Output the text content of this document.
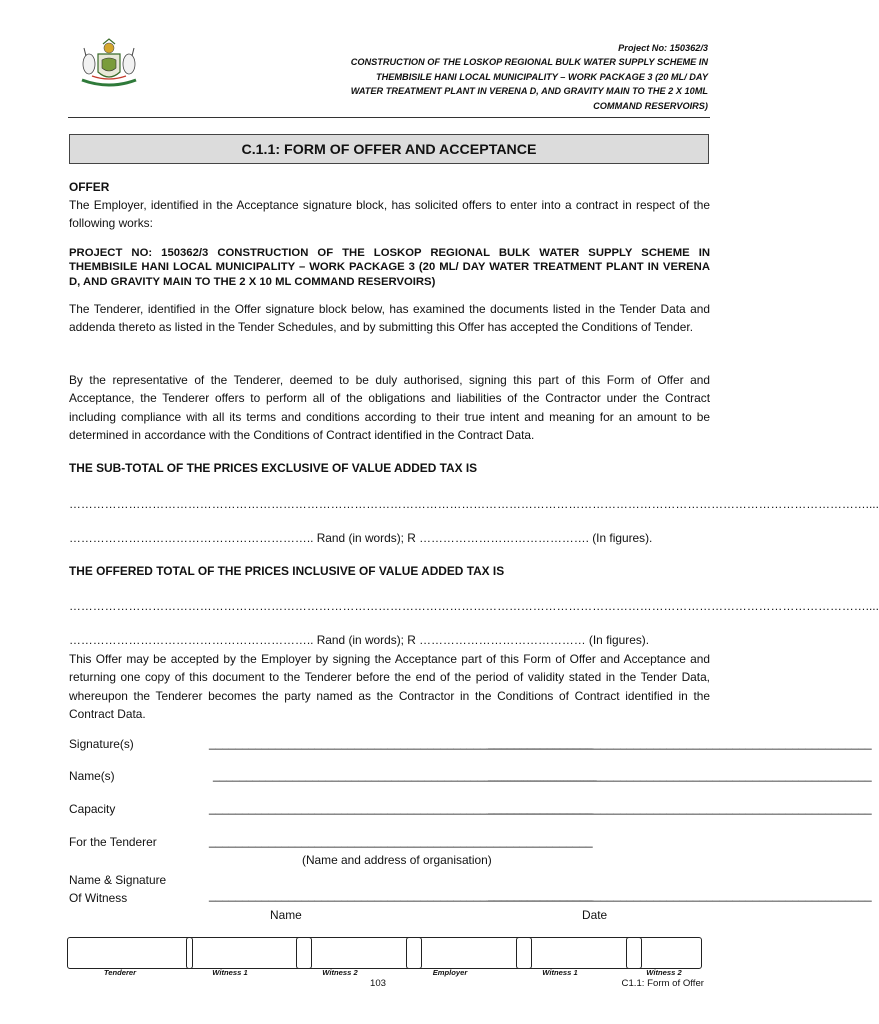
Project No: 150362/3
CONSTRUCTION OF THE LOSKOP REGIONAL BULK WATER SUPPLY SCHEME IN
THEMBISILE HANI LOCAL MUNICIPALITY – WORK PACKAGE 3 (20 ML/ DAY
WATER TREATMENT PLANT IN VERENA D, AND GRAVITY MAIN TO THE 2 X 10ML
COMMAND RESERVOIRS)
C.1.1: FORM OF OFFER AND ACCEPTANCE
OFFER
The Employer, identified in the Acceptance signature block, has solicited offers to enter into a contract in respect of the following works:
PROJECT NO: 150362/3 CONSTRUCTION OF THE LOSKOP REGIONAL BULK WATER SUPPLY SCHEME IN THEMBISILE HANI LOCAL MUNICIPALITY – WORK PACKAGE 3 (20 ML/ DAY WATER TREATMENT PLANT IN VERENA D, AND GRAVITY MAIN TO THE 2 X 10 ML COMMAND RESERVOIRS)
The Tenderer, identified in the Offer signature block below, has examined the documents listed in the Tender Data and addenda thereto as listed in the Tender Schedules, and by submitting this Offer has accepted the Conditions of Tender.
By the representative of the Tenderer, deemed to be duly authorised, signing this part of this Form of Offer and Acceptance, the Tenderer offers to perform all of the obligations and liabilities of the Contractor under the Contract including compliance with all its terms and conditions according to their true intent and meaning for an amount to be determined in accordance with the Conditions of Contract identified in the Contract Data.
THE SUB-TOTAL OF THE PRICES EXCLUSIVE OF VALUE ADDED TAX IS
…………………………………………………………………………………………………………………………………………………………………………………....
…………………………………………………….. Rand (in words); R ……………………………………. (In figures).
THE OFFERED TOTAL OF THE PRICES INCLUSIVE OF VALUE ADDED TAX IS
…………………………………………………………………………………………………………………………………………………………………………………....
…………………………………………………….. Rand (in words); R …………………………………… (In figures).
This Offer may be accepted by the Employer by signing the Acceptance part of this Form of Offer and Acceptance and returning one copy of this document to the Tenderer before the end of the period of validity stated in the Tender Data, whereupon the Tenderer becomes the party named as the Contractor in the Conditions of Contract identified in the Contract Data.
Signature(s)	__________________________________________________________
__________________________________________________________
Name(s)	__________________________________________________________
__________________________________________________________
Capacity	__________________________________________________________
__________________________________________________________
For the Tenderer	__________________________________________________________
(Name and address of organisation)
Name & Signature
Of Witness	__________________________________________________________
__________________________________________________________
Name	Date
Tenderer	Witness 1	Witness 2	Employer	Witness 1	Witness 2
103	C1.1: Form of Offer
